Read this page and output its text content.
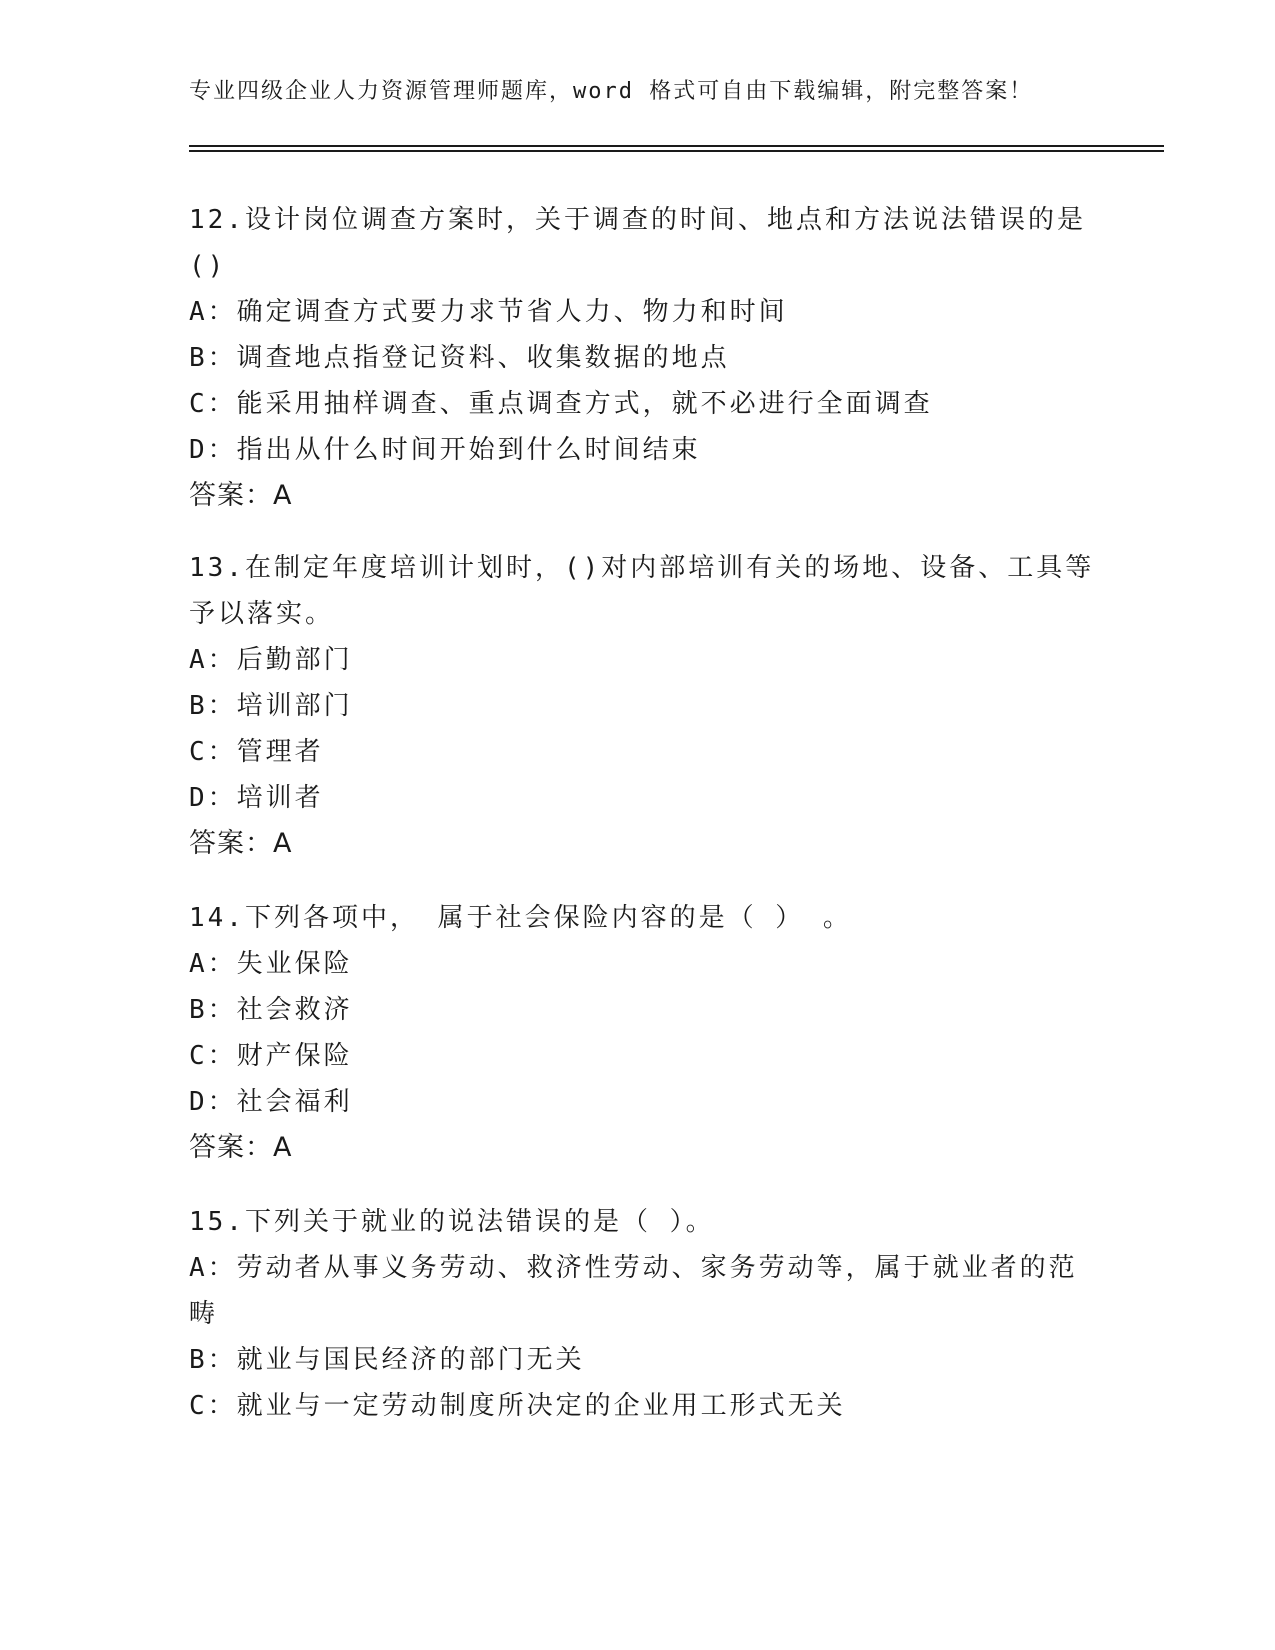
专业四级企业人力资源管理师题库，word 格式可自由下载编辑，附完整答案！
12.设计岗位调查方案时，关于调查的时间、地点和方法说法错误的是
()
A：确定调查方式要力求节省人力、物力和时间
B：调查地点指登记资料、收集数据的地点
C：能采用抽样调查、重点调查方式，就不必进行全面调查
D：指出从什么时间开始到什么时间结束
答案：A
13.在制定年度培训计划时，()对内部培训有关的场地、设备、工具等
予以落实。
A：后勤部门
B：培训部门
C：管理者
D：培训者
答案：A
14.下列各项中， 属于社会保险内容的是（ ） 。
A：失业保险
B：社会救济
C：财产保险
D：社会福利
答案：A
15.下列关于就业的说法错误的是（ ）。
A：劳动者从事义务劳动、救济性劳动、家务劳动等，属于就业者的范
畴
B：就业与国民经济的部门无关
C：就业与一定劳动制度所决定的企业用工形式无关
